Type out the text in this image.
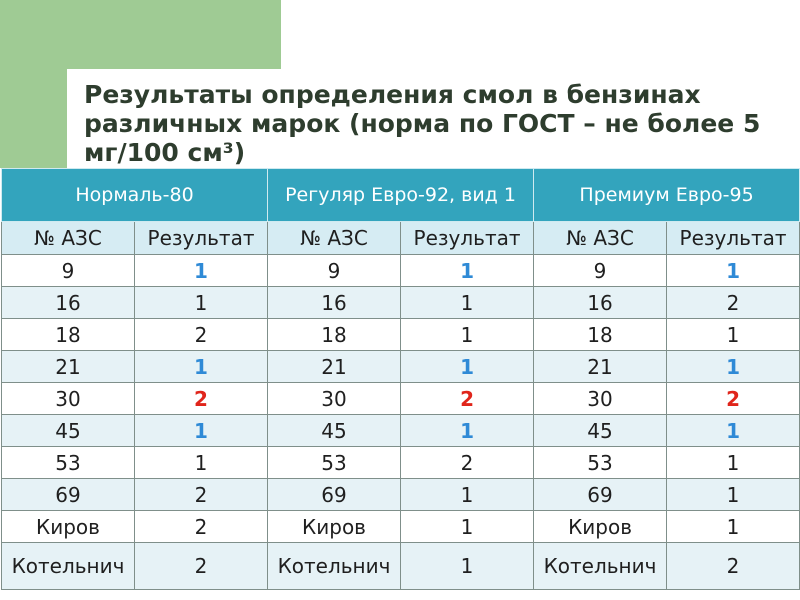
Результаты определения смол в бензинах различных марок (норма по ГОСТ – не более 5 мг/100 см³)
Нормаль-80		Регуляр Евро-92, вид 1		Премиум Евро-95	
№ АЗС	Результат	№ АЗС	Результат	№ АЗС	Результат
9	1	9	1	9	1
16	1	16	1	16	2
18	2	18	1	18	1
21	1	21	1	21	1
30	2	30	2	30	2
45	1	45	1	45	1
53	1	53	2	53	1
69	2	69	1	69	1
Киров	2	Киров	1	Киров	1
Котельнич	2	Котельнич	1	Котельнич	2
